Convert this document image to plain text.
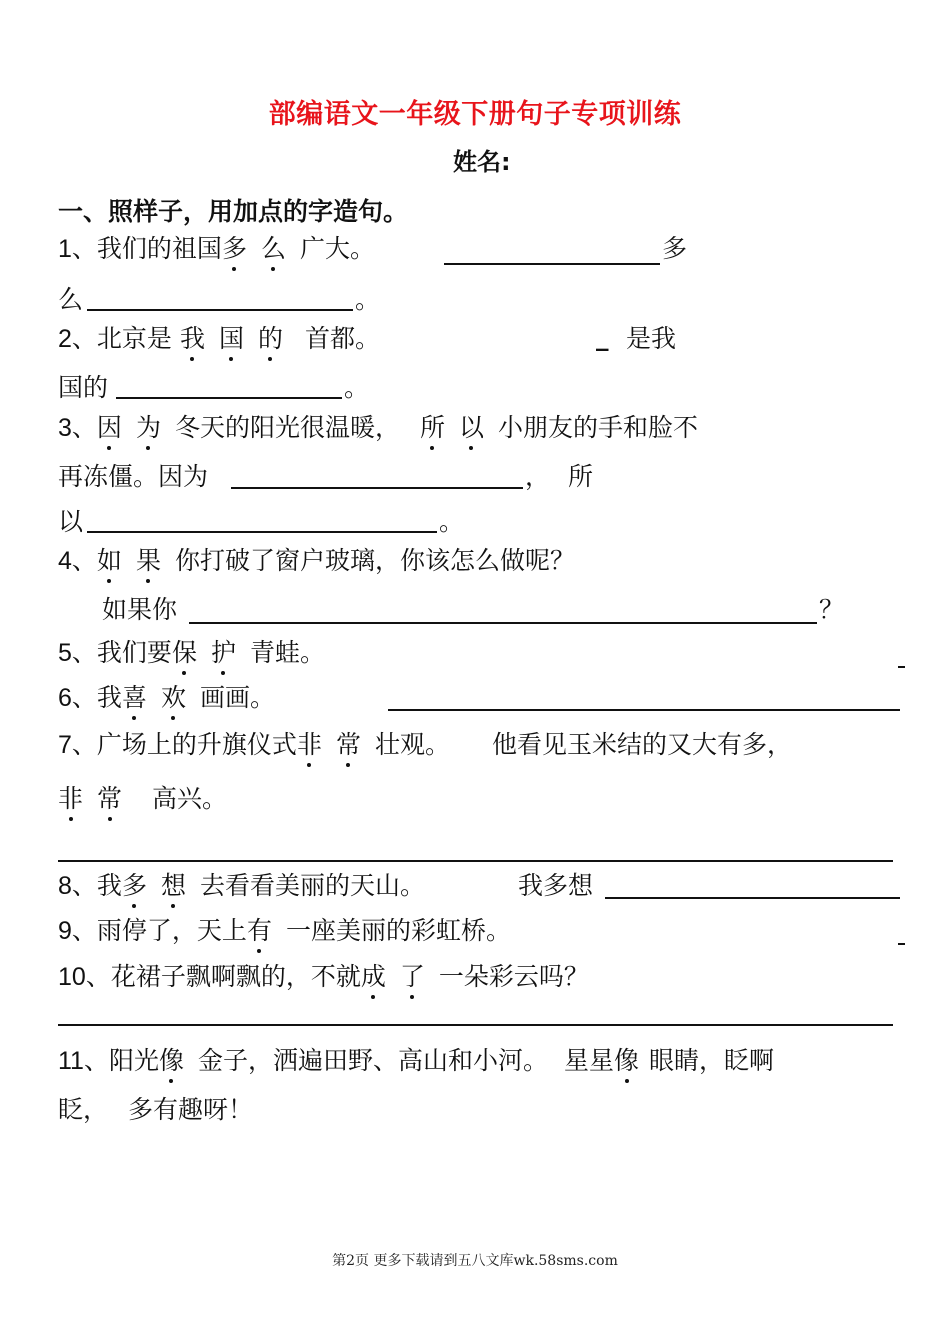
部编语文一年级下册句子专项训练
姓名:
一、照样子，用加点的字造句。
1、我们的祖国多 么 广大。	多
么	。
2、北京是 我 国 的 首都。	_ 是我
国的	。
3、因 为 冬天的阳光很温暖， 所 以 小朋友的手和脸不
再冻僵。因为	， 所
以	。
4、如 果 你打破了窗户玻璃，你该怎么做呢？
如果你	？
5、我们要保 护 青蛙。
6、我喜 欢 画画。
7、广场上的升旗仪式非 常 壮观。 他看见玉米结的又大有多，
非 常 高兴。
8、我多 想 去看看美丽的天山。	我多想
9、雨停了，天上有 一座美丽的彩虹桥。
10、花裙子飘啊飘的，不就成 了 一朵彩云吗？
11、阳光像 金子，洒遍田野、高山和小河。 星星像 眼睛，眨啊
眨， 多有趣呀！
第2页 更多下载请到五八文库wk.58sms.com
